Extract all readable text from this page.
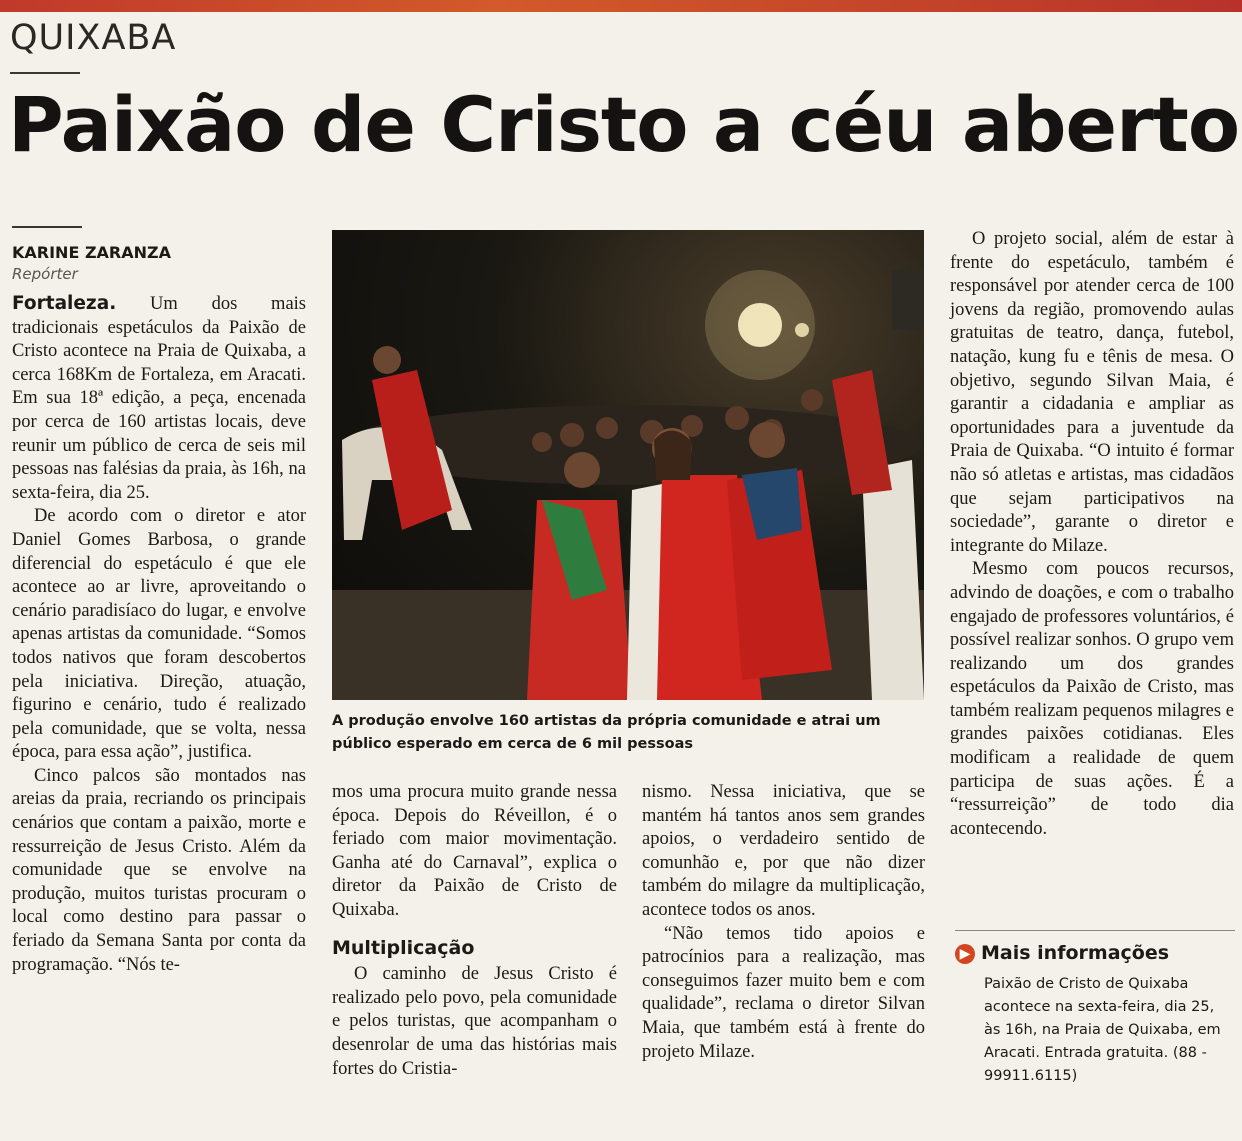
QUIXABA
Paixão de Cristo a céu aberto

KARINE ZARANZA

Repórter

Fortaleza. Um dos mais tradicionais espetáculos da Paixão de Cristo acontece na Praia de Quixaba, a cerca 168Km de Fortaleza, em Aracati. Em sua 18ª edição, a peça, encenada por cerca de 160 artistas locais, deve reunir um público de cerca de seis mil pessoas nas falésias da praia, às 16h, na sexta-feira, dia 25.

De acordo com o diretor e ator Daniel Gomes Barbosa, o grande diferencial do espetáculo é que ele acontece ao ar livre, aproveitando o cenário paradisíaco do lugar, e envolve apenas artistas da comunidade. “Somos todos nativos que foram descobertos pela iniciativa. Direção, atuação, figurino e cenário, tudo é realizado pela comunidade, que se volta, nessa época, para essa ação”, justifica.

Cinco palcos são montados nas areias da praia, recriando os principais cenários que contam a paixão, morte e ressurreição de Jesus Cristo. Além da comunidade que se envolve na produção, muitos turistas procuram o local como destino para passar o feriado da Semana Santa por conta da programação. “Nós te-

A produção envolve 160 artistas da própria comunidade e atrai um público esperado em cerca de 6 mil pessoas

mos uma procura muito grande nessa época. Depois do Réveillon, é o feriado com maior movimentação. Ganha até do Carnaval”, explica o diretor da Paixão de Cristo de Quixaba.

Multiplicação

O caminho de Jesus Cristo é realizado pelo povo, pela comunidade e pelos turistas, que acompanham o desenrolar de uma das histórias mais fortes do Cristia-

nismo. Nessa iniciativa, que se mantém há tantos anos sem grandes apoios, o verdadeiro sentido de comunhão e, por que não dizer também do milagre da multiplicação, acontece todos os anos.

“Não temos tido apoios e patrocínios para a realização, mas conseguimos fazer muito bem e com qualidade”, reclama o diretor Silvan Maia, que também está à frente do projeto Milaze.

O projeto social, além de estar à frente do espetáculo, também é responsável por atender cerca de 100 jovens da região, promovendo aulas gratuitas de teatro, dança, futebol, natação, kung fu e tênis de mesa. O objetivo, segundo Silvan Maia, é garantir a cidadania e ampliar as oportunidades para a juventude da Praia de Quixaba. “O intuito é formar não só atletas e artistas, mas cidadãos que sejam participativos na sociedade”, garante o diretor e integrante do Milaze.

Mesmo com poucos recursos, advindo de doações, e com o trabalho engajado de professores voluntários, é possível realizar sonhos. O grupo vem realizando um dos grandes espetáculos da Paixão de Cristo, mas também realizam pequenos milagres e grandes paixões cotidianas. Eles modificam a realidade de quem participa de suas ações. É a “ressurreição” de todo dia acontecendo.

▶ Mais informações

Paixão de Cristo de Quixaba acontece na sexta-feira, dia 25, às 16h, na Praia de Quixaba, em Aracati. Entrada gratuita. (88 - 99911.6115)
